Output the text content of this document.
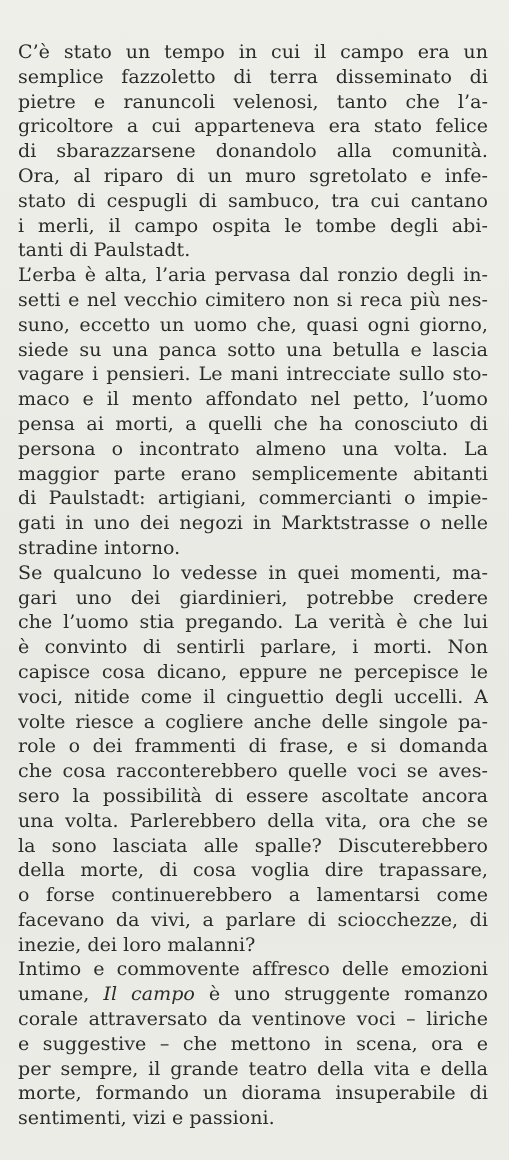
C’è stato un tempo in cui il campo era un
semplice fazzoletto di terra disseminato di
pietre e ranuncoli velenosi, tanto che l’a-
gricoltore a cui apparteneva era stato felice
di sbarazzarsene donandolo alla comunità.
Ora, al riparo di un muro sgretolato e infe-
stato di cespugli di sambuco, tra cui cantano
i merli, il campo ospita le tombe degli abi-
tanti di Paulstadt.

L’erba è alta, l’aria pervasa dal ronzio degli in-
setti e nel vecchio cimitero non si reca più nes-
suno, eccetto un uomo che, quasi ogni giorno,
siede su una panca sotto una betulla e lascia
vagare i pensieri. Le mani intrecciate sullo sto-
maco e il mento affondato nel petto, l’uomo
pensa ai morti, a quelli che ha conosciuto di
persona o incontrato almeno una volta. La
maggior parte erano semplicemente abitanti
di Paulstadt: artigiani, commercianti o impie-
gati in uno dei negozi in Marktstrasse o nelle
stradine intorno.

Se qualcuno lo vedesse in quei momenti, ma-
gari uno dei giardinieri, potrebbe credere
che l’uomo stia pregando. La verità è che lui
è convinto di sentirli parlare, i morti. Non
capisce cosa dicano, eppure ne percepisce le
voci, nitide come il cinguettio degli uccelli. A
volte riesce a cogliere anche delle singole pa-
role o dei frammenti di frase, e si domanda
che cosa racconterebbero quelle voci se aves-
sero la possibilità di essere ascoltate ancora
una volta. Parlerebbero della vita, ora che se
la sono lasciata alle spalle? Discuterebbero
della morte, di cosa voglia dire trapassare,
o forse continuerebbero a lamentarsi come
facevano da vivi, a parlare di sciocchezze, di
inezie, dei loro malanni?

Intimo e commovente affresco delle emozioni
umane, Il campo è uno struggente romanzo
corale attraversato da ventinove voci – liriche
e suggestive – che mettono in scena, ora e
per sempre, il grande teatro della vita e della
morte, formando un diorama insuperabile di
sentimenti, vizi e passioni.
